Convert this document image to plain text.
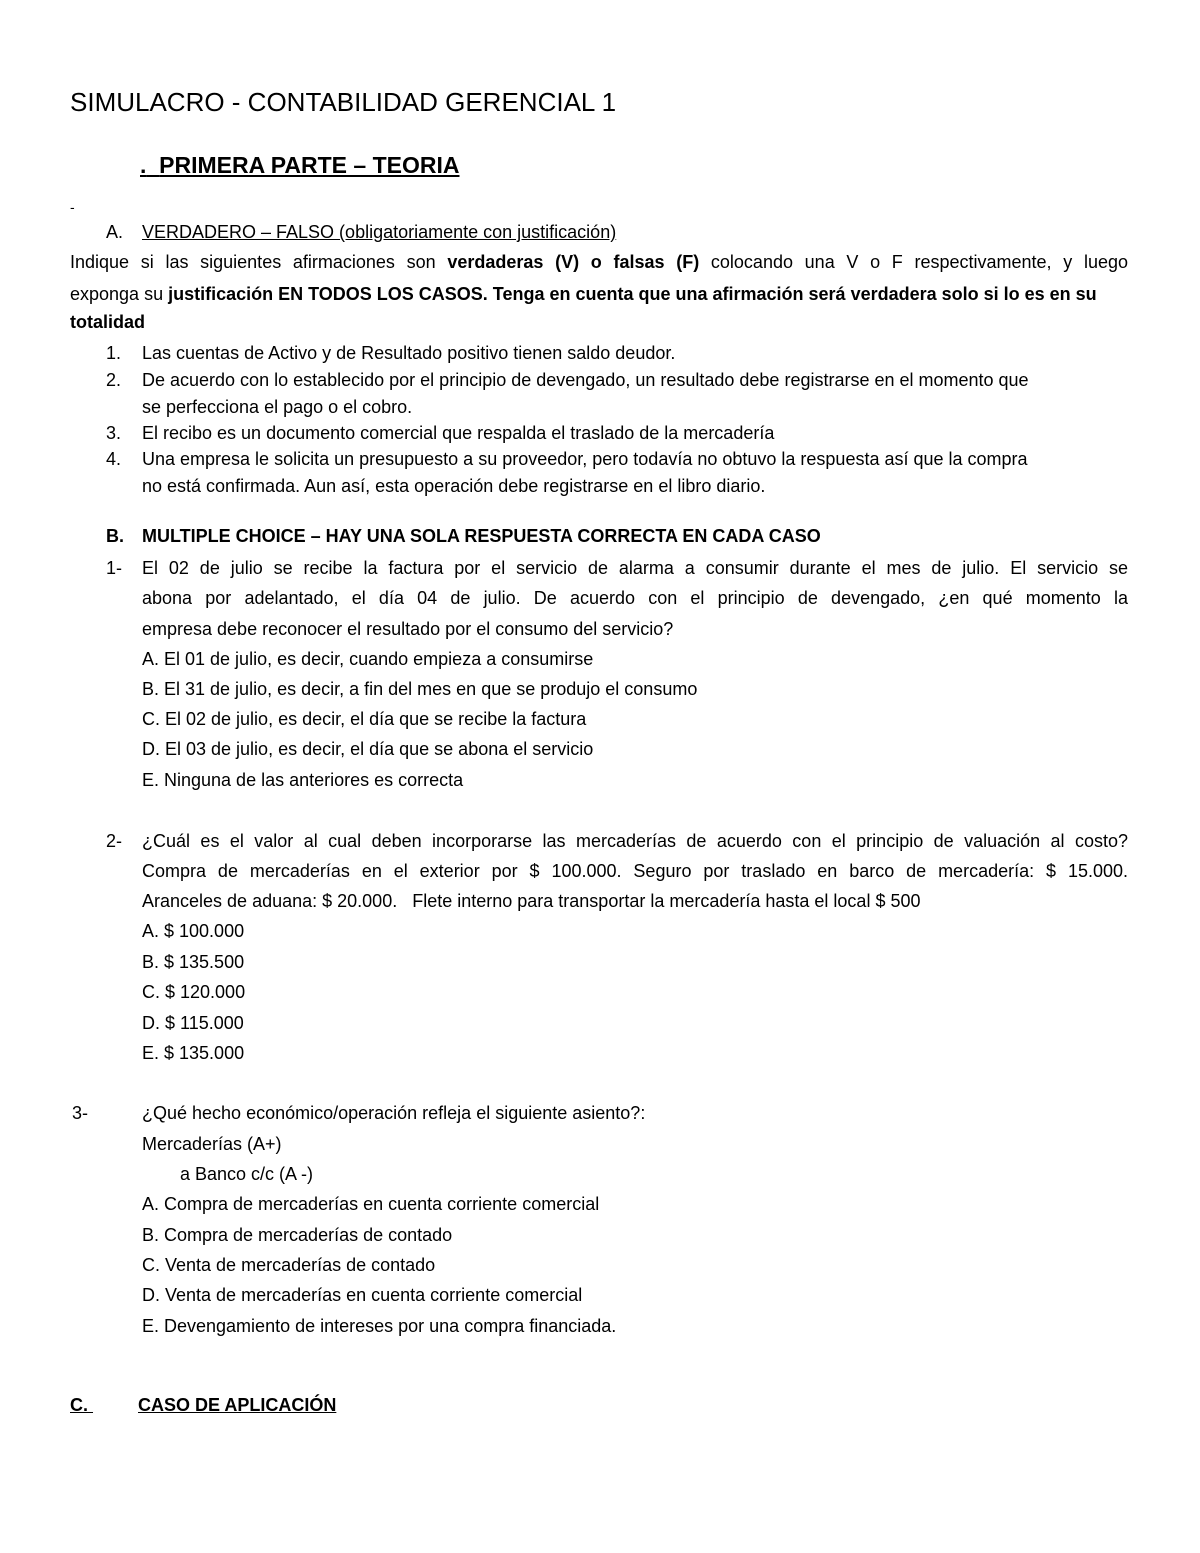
SIMULACRO - CONTABILIDAD GERENCIAL 1
. PRIMERA PARTE – TEORIA
-
A. VERDADERO – FALSO (obligatoriamente con justificación)
Indique si las siguientes afirmaciones son verdaderas (V) o falsas (F) colocando una V o F respectivamente, y luego
exponga su justificación EN TODOS LOS CASOS. Tenga en cuenta que una afirmación será verdadera solo si lo es en su
totalidad
1. Las cuentas de Activo y de Resultado positivo tienen saldo deudor.
2. De acuerdo con lo establecido por el principio de devengado, un resultado debe registrarse en el momento que
se perfecciona el pago o el cobro.
3. El recibo es un documento comercial que respalda el traslado de la mercadería
4. Una empresa le solicita un presupuesto a su proveedor, pero todavía no obtuvo la respuesta así que la compra
no está confirmada. Aun así, esta operación debe registrarse en el libro diario.
B. MULTIPLE CHOICE – HAY UNA SOLA RESPUESTA CORRECTA EN CADA CASO
1- El 02 de julio se recibe la factura por el servicio de alarma a consumir durante el mes de julio. El servicio se
abona por adelantado, el día 04 de julio. De acuerdo con el principio de devengado, ¿en qué momento la
empresa debe reconocer el resultado por el consumo del servicio?
A. El 01 de julio, es decir, cuando empieza a consumirse
B. El 31 de julio, es decir, a fin del mes en que se produjo el consumo
C. El 02 de julio, es decir, el día que se recibe la factura
D. El 03 de julio, es decir, el día que se abona el servicio
E. Ninguna de las anteriores es correcta
2- ¿Cuál es el valor al cual deben incorporarse las mercaderías de acuerdo con el principio de valuación al costo?
Compra de mercaderías en el exterior por $ 100.000. Seguro por traslado en barco de mercadería: $ 15.000.
Aranceles de aduana: $ 20.000.   Flete interno para transportar la mercadería hasta el local $ 500
A. $ 100.000
B. $ 135.500
C. $ 120.000
D. $ 115.000
E. $ 135.000
3-	¿Qué hecho económico/operación refleja el siguiente asiento?:
Mercaderías (A+)
a Banco c/c (A -)
A. Compra de mercaderías en cuenta corriente comercial
B. Compra de mercaderías de contado
C. Venta de mercaderías de contado
D. Venta de mercaderías en cuenta corriente comercial
E. Devengamiento de intereses por una compra financiada.
C.
	CASO DE APLICACIÓN
